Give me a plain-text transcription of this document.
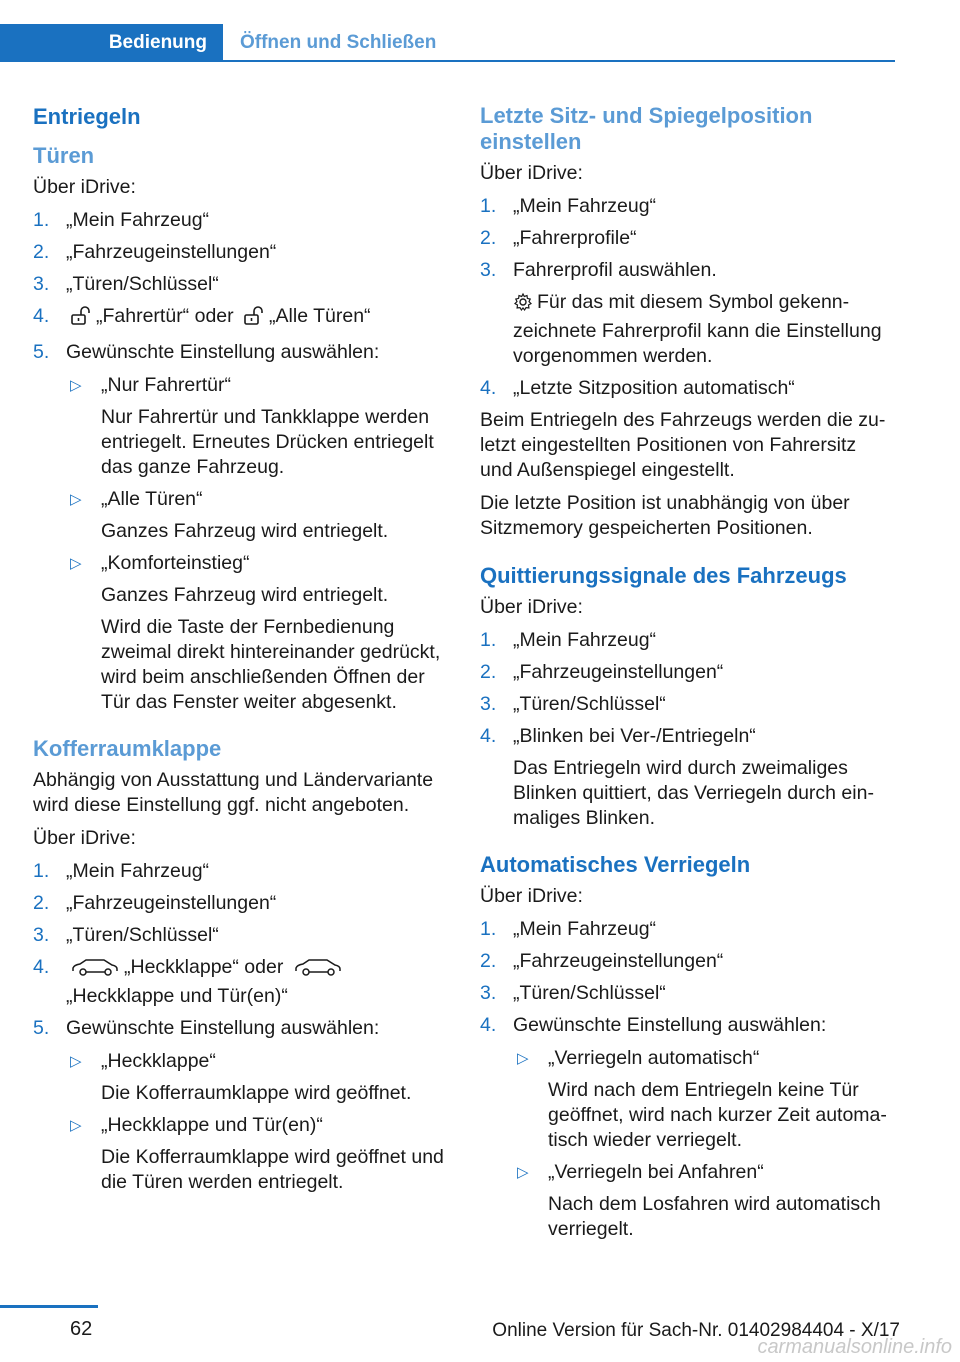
Bedienung	Öffnen und Schließen
Entriegeln
Türen

Über iDrive:

1. „Mein Fahrzeug“
2. „Fahrzeugeinstellungen“
3. „Türen/Schlüssel“
4. „Fahrertür“ oder „Alle Türen“
5. Gewünschte Einstellung auswählen:
▷ „Nur Fahrertür“
Nur Fahrertür und Tankklappe werden entriegelt. Erneutes Drücken entriegelt das ganze Fahrzeug.
▷ „Alle Türen“
Ganzes Fahrzeug wird entriegelt.
▷ „Komforteinstieg“
Ganzes Fahrzeug wird entriegelt.
Wird die Taste der Fernbedienung zweimal direkt hintereinander gedrückt, wird beim anschließenden Öffnen der Tür das Fenster weiter abgesenkt.
Kofferraumklappe

Abhängig von Ausstattung und Ländervariante wird diese Einstellung ggf. nicht angeboten.

Über iDrive:

1. „Mein Fahrzeug“
2. „Fahrzeugeinstellungen“
3. „Türen/Schlüssel“
4.	„Heckklappe“ oder
„Heckklappe und Tür(en)“
5. Gewünschte Einstellung auswählen:
▷ „Heckklappe“
Die Kofferraumklappe wird geöffnet.
▷ „Heckklappe und Tür(en)“
Die Kofferraumklappe wird geöffnet und die Türen werden entriegelt.
Letzte Sitz- und Spiegelposition einstellen

Über iDrive:

1. „Mein Fahrzeug“
2. „Fahrerprofile“
3. Fahrerprofil auswählen.
Für das mit diesem Symbol gekennzeichnete Fahrerprofil kann die Einstellung vorgenommen werden.
4. „Letzte Sitzposition automatisch“

Beim Entriegeln des Fahrzeugs werden die zuletzt eingestellten Positionen von Fahrersitz und Außenspiegel eingestellt.

Die letzte Position ist unabhängig von über Sitzmemory gespeicherten Positionen.

Quittierungssignale des Fahrzeugs

Über iDrive:

1. „Mein Fahrzeug“
2. „Fahrzeugeinstellungen“
3. „Türen/Schlüssel“
4. „Blinken bei Ver-/Entriegeln“
Das Entriegeln wird durch zweimaliges Blinken quittiert, das Verriegeln durch einmaliges Blinken.
Automatisches Verriegeln

Über iDrive:

1. „Mein Fahrzeug“
2. „Fahrzeugeinstellungen“
3. „Türen/Schlüssel“
4. Gewünschte Einstellung auswählen:
▷ „Verriegeln automatisch“
Wird nach dem Entriegeln keine Tür geöffnet, wird nach kurzer Zeit automatisch wieder verriegelt.
▷ „Verriegeln bei Anfahren“
Nach dem Losfahren wird automatisch verriegelt.
62	Online Version für Sach-Nr. 01402984404 - X/17
carmanualsonline.info
